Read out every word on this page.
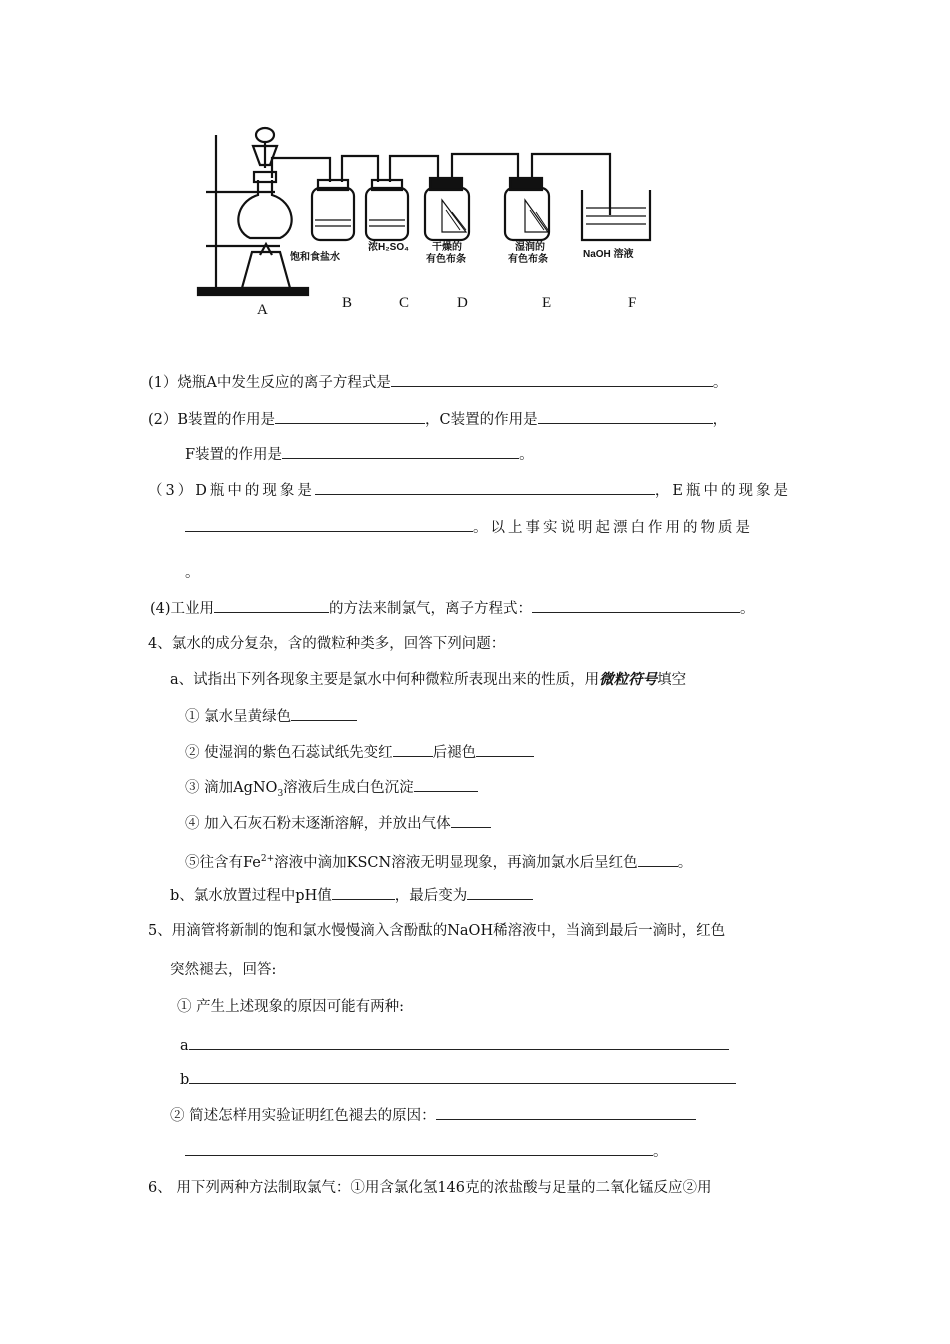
饱和食盐水
浓H₂SO₄ 干燥的
有色布条
湿润的
有色布条	NaOH 溶液
A	B	C	D	E	F
(1）烧瓶A中发生反应的离子方程式是	。
(2）B装置的作用是	，C装置的作用是	，
F装置的作用是	。
（3）D瓶中的现象是	，E瓶中的现象是
。以上事实说明起漂白作用的物质是
。
(4)工业用	的方法来制氯气，离子方程式：	。
4、氯水的成分复杂，含的微粒种类多，回答下列问题：
a、试指出下列各现象主要是氯水中何种微粒所表现出来的性质，用微粒符号填空
① 氯水呈黄绿色
② 使湿润的紫色石蕊试纸先变红	后褪色
③ 滴加AgNO$_3$溶液后生成白色沉淀
④ 加入石灰石粉末逐渐溶解，并放出气体
⑤往含有$Fe^{2+}$溶液中滴加KSCN溶液无明显现象，再滴加氯水后呈红色	。
b、氯水放置过程中pH值	，最后变为
5、用滴管将新制的饱和氯水慢慢滴入含酚酞的NaOH稀溶液中，当滴到最后一滴时，红色
突然褪去，回答:
① 产生上述现象的原因可能有两种:
a
b
② 简述怎样用实验证明红色褪去的原因：
。
6、 用下列两种方法制取氯气：①用含氯化氢146克的浓盐酸与足量的二氧化锰反应②用
